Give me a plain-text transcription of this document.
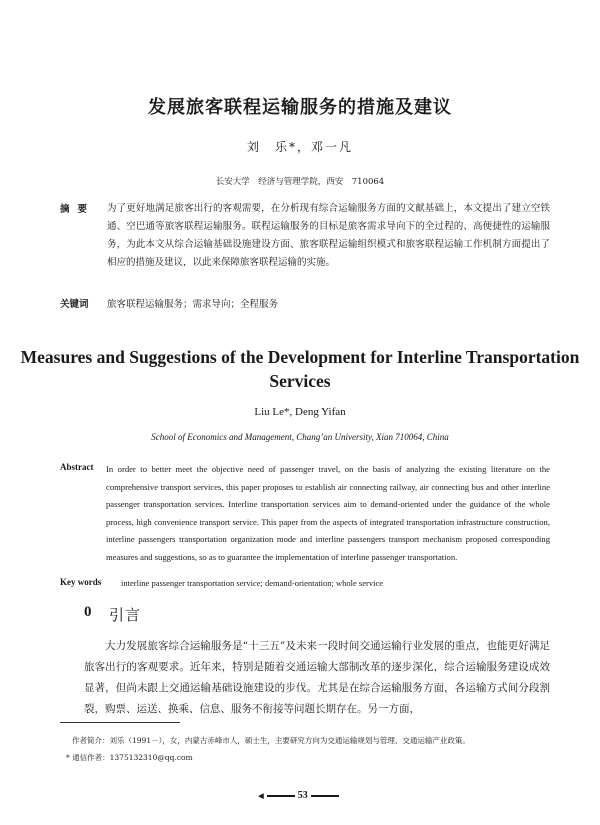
发展旅客联程运输服务的措施及建议
刘　乐*，邓一凡
长安大学　经济与管理学院，西安　710064
摘要 为了更好地满足旅客出行的客观需要，在分析现有综合运输服务方面的文献基础上，本文提出了建立空铁通、空巴通等旅客联程运输服务。联程运输服务的目标是旅客需求导向下的全过程的、高便捷性的运输服务，为此本文从综合运输基础设施建设方面、旅客联程运输组织模式和旅客联程运输工作机制方面提出了相应的措施及建议，以此来保障旅客联程运输的实施。
关键词 旅客联程运输服务；需求导向；全程服务
Measures and Suggestions of the Development for Interline Transportation Services
Liu Le*, Deng Yifan
School of Economics and Management, Chang’an University, Xian 710064, China
Abstract In order to better meet the objective need of passenger travel, on the basis of analyzing the existing literature on the comprehensive transport services, this paper proposes to establish air connecting railway, air connecting bus and other interline passenger transportation services. Interline transportation services aim to demand-oriented under the guidance of the whole process, high convenience transport service. This paper from the aspects of integrated transportation infrastructure construction, interline passengers transportation organization mode and interline passengers transport mechanism proposed corresponding measures and suggestions, so as to guarantee the implementation of interline passenger transportation.
Key words interline passenger transportation service; demand-orientation; whole service
0 引言
大力发展旅客综合运输服务是“十三五”及未来一段时间交通运输行业发展的重点，也能更好满足旅客出行的客观要求。近年来，特别是随着交通运输大部制改革的逐步深化，综合运输服务建设成效显著，但尚未跟上交通运输基础设施建设的步伐。尤其是在综合运输服务方面，各运输方式间分段割裂，购票、运送、换乘、信息、服务不衔接等问题长期存在。另一方面，
作者简介：刘乐（1991－），女，内蒙古赤峰市人，硕士生，主要研究方向为交通运输规划与管理、交通运输产业政策。
* 通信作者：1375132310@qq.com
◀	53
